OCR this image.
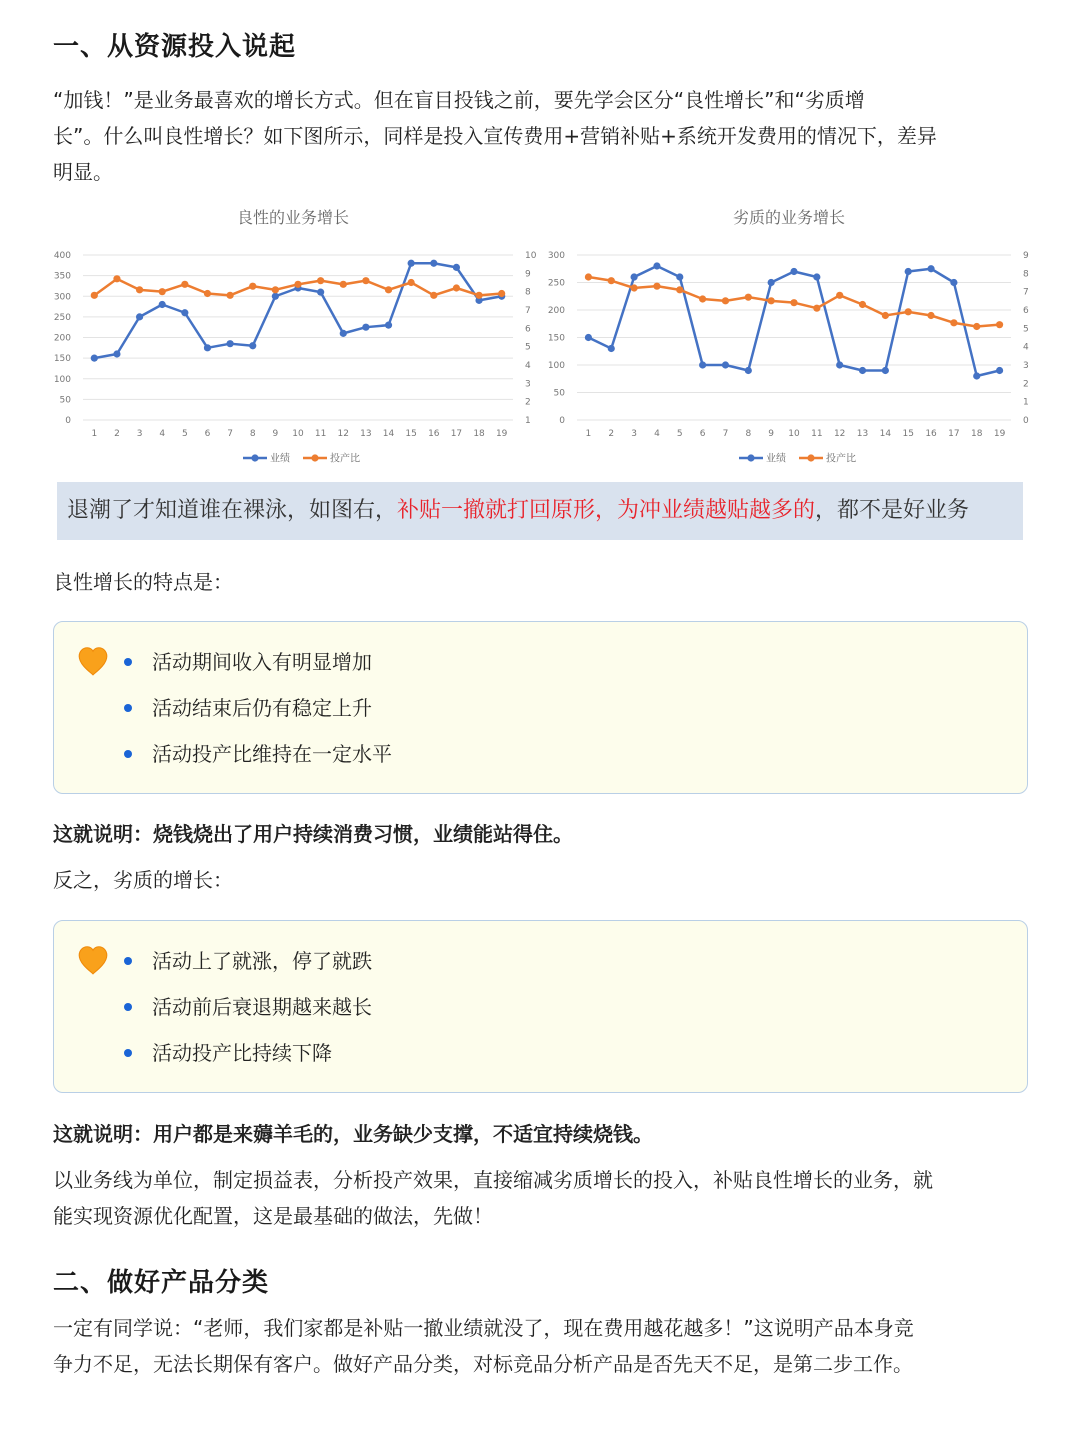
一、从资源投入说起

“加钱！”是业务最喜欢的增长方式。但在盲目投钱之前，要先学会区分“良性增长”和“劣质增

长”。什么叫良性增长？如下图所示，同样是投入宣传费用+营销补贴+系统开发费用的情况下，差异

明显。

良性的业务增长
0
50
100
150
200
250
300
350
400
1
2
3
4
5
6
7
8
9
10
1 2 3 4 5 6 7 8 9 10 11 12 13 14 15 16 17 18 19
业绩	投产比
劣质的业务增长
0
50
100
150
200
250
300
0
1
2
3
4
5
6
7
8
9
1 2 3 4 5 6 7 8 9 10 11 12 13 14 15 16 17 18 19
业绩	投产比
退潮了才知道谁在裸泳，如图右，补贴一撤就打回原形，为冲业绩越贴越多的，都不是好业务

良性增长的特点是：

活动期间收入有明显增加
活动结束后仍有稳定上升
活动投产比维持在一定水平

这就说明：烧钱烧出了用户持续消费习惯，业绩能站得住。

反之，劣质的增长：

活动上了就涨，停了就跌
活动前后衰退期越来越长
活动投产比持续下降

这就说明：用户都是来薅羊毛的，业务缺少支撑，不适宜持续烧钱。

以业务线为单位，制定损益表，分析投产效果，直接缩减劣质增长的投入，补贴良性增长的业务，就

能实现资源优化配置，这是最基础的做法，先做！

二、做好产品分类

一定有同学说：“老师，我们家都是补贴一撤业绩就没了，现在费用越花越多！”这说明产品本身竞

争力不足，无法长期保有客户。做好产品分类，对标竞品分析产品是否先天不足，是第二步工作。
